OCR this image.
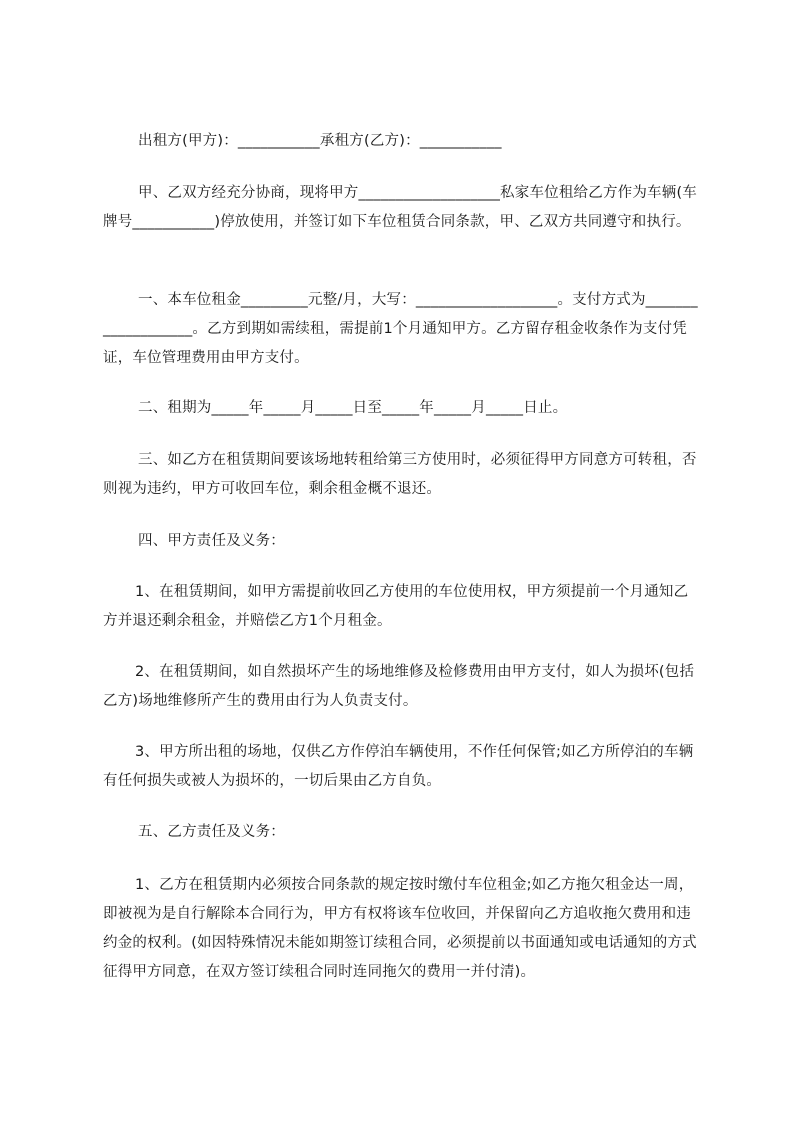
出租方(甲方)：___________承租方(乙方)：___________

甲、乙双方经充分协商，现将甲方___________________私家车位租给乙方作为车辆(车牌号___________)停放使用，并签订如下车位租赁合同条款，甲、乙双方共同遵守和执行。

一、本车位租金_________元整/月，大写：___________________。支付方式为___________________。乙方到期如需续租，需提前1个月通知甲方。乙方留存租金收条作为支付凭证，车位管理费用由甲方支付。

二、租期为_____年_____月_____日至_____年_____月_____日止。

三、如乙方在租赁期间要该场地转租给第三方使用时，必须征得甲方同意方可转租，否则视为违约，甲方可收回车位，剩余租金概不退还。

四、甲方责任及义务：

1、在租赁期间，如甲方需提前收回乙方使用的车位使用权，甲方须提前一个月通知乙方并退还剩余租金，并赔偿乙方1个月租金。

2、在租赁期间，如自然损坏产生的场地维修及检修费用由甲方支付，如人为损坏(包括乙方)场地维修所产生的费用由行为人负责支付。

3、甲方所出租的场地，仅供乙方作停泊车辆使用，不作任何保管;如乙方所停泊的车辆有任何损失或被人为损坏的，一切后果由乙方自负。

五、乙方责任及义务：

1、乙方在租赁期内必须按合同条款的规定按时缴付车位租金;如乙方拖欠租金达一周，即被视为是自行解除本合同行为，甲方有权将该车位收回，并保留向乙方追收拖欠费用和违约金的权利。(如因特殊情况未能如期签订续租合同，必须提前以书面通知或电话通知的方式征得甲方同意，在双方签订续租合同时连同拖欠的费用一并付清)。
